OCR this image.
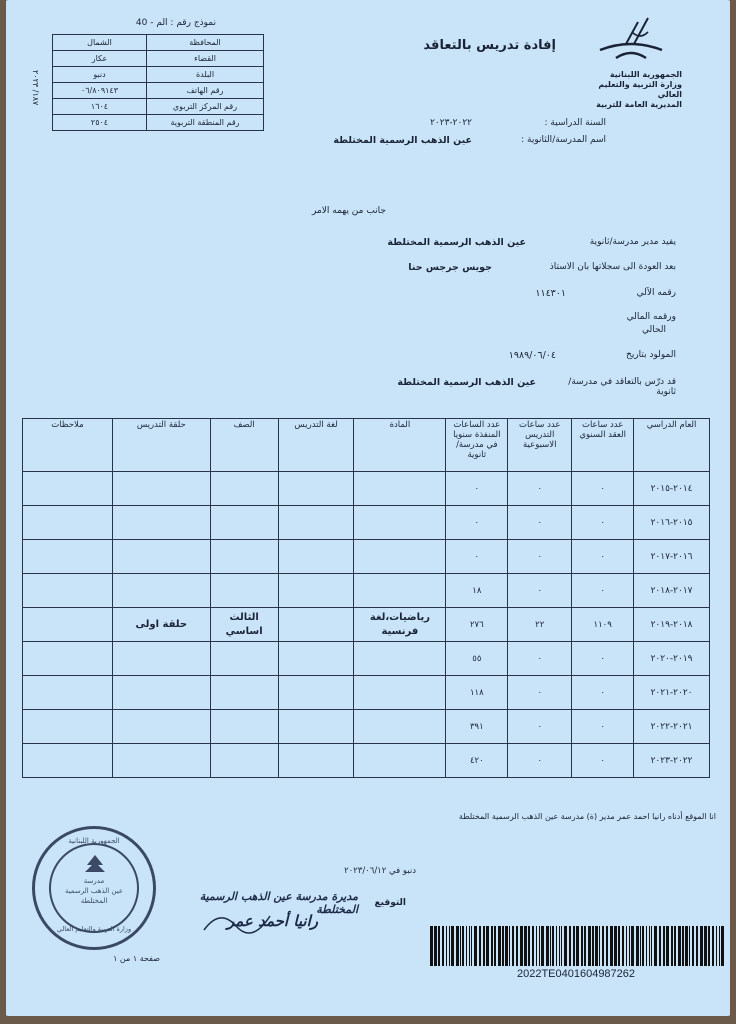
نموذج رقم : الم - 40
١٨٧/ ٢٠٢٣
المحافظة	الشمال
القضاء	عكار
البلدة	دنبو
رقم الهاتف	٠٦/٨٠٩١٤٣
رقم المركز التربوي	١٦٠٤
رقم المنطقة التربوية	٢٥٠٤
إفادة تدريس بالتعاقد
الجمهورية اللبنانية
وزارة التربية والتعليم العالي
المديرية العامة للتربية
السنة الدراسية :
٢٠٢٢-٢٠٢٣
اسم المدرسة/الثانوية :
عين الذهب الرسمية المختلطة
جانب من يهمه الامر
يفيد مدير مدرسة/ثانوية
عين الذهب الرسمية المختلطة
بعد العودة الى سجلاتها بان الاستاذ
جويس جرجس حنا
رقمه الآلي
١١٤٣٠١
ورقمه المالي
الحالي
المولود بتاريخ
١٩٨٩/٠٦/٠٤
قد درّس بالتعاقد في مدرسة/ ثانوية
عين الذهب الرسمية المختلطة
العام الدراسي	عدد ساعات العقد السنوي	عدد ساعات التدريس الاسبوعية	عدد الساعات المنفذة سنويا في مدرسة/ثانوية	المادة	لغة التدريس	الصف	حلقة التدريس	ملاحظات
٢٠١٤-٢٠١٥	٠	٠	٠					
٢٠١٥-٢٠١٦	٠	٠	٠					
٢٠١٦-٢٠١٧	٠	٠	٠					
٢٠١٧-٢٠١٨	٠	٠	١٨					
٢٠١٨-٢٠١٩	١١٠٩	٢٢	٢٧٦	رياضيات،لغة فرنسية		الثالث اساسي	حلقة اولى	
٢٠١٩-٢٠٢٠	٠	٠	٥٥					
٢٠٢٠-٢٠٢١	٠	٠	١١٨					
٢٠٢١-٢٠٢٢	٠	٠	٣٩١					
٢٠٢٢-٢٠٢٣	٠	٠	٤٢٠					
انا الموقع أدناه رانيا احمد عمر مدير (ة) مدرسة عين الذهب الرسمية المختلطة
دنبو في ٢٠٢٣/٠٦/١٢
التوقيع
مديرة مدرسة عين الذهب الرسمية المختلطة
رانيا أحمد عمر
الجمهورية اللبنانية
مدرسة
عين الذهب الرسمية
المختلطة
وزارة التربية والتعليم العالي
صفحة ١ من ١
2022TE0401604987262
